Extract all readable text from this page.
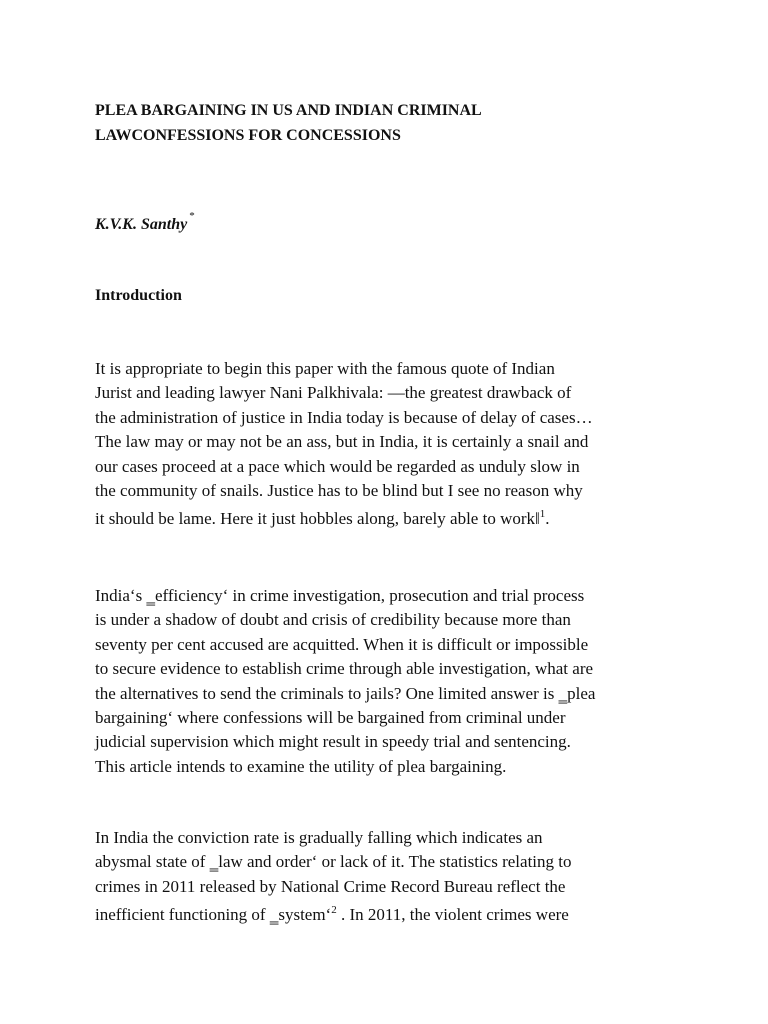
PLEA BARGAINING IN US AND INDIAN CRIMINAL
LAWCONFESSIONS FOR CONCESSIONS

K.V.K. Santhy *

Introduction
It is appropriate to begin this paper with the famous quote of Indian
Jurist and leading lawyer Nani Palkhivala: —the greatest drawback of
the administration of justice in India today is because of delay of cases…
The law may or may not be an ass, but in India, it is certainly a snail and
our cases proceed at a pace which would be regarded as unduly slow in
the community of snails. Justice has to be blind but I see no reason why
it should be lame. Here it just hobbles along, barely able to work‖$^1$.
India‘s ‗efficiency‘ in crime investigation, prosecution and trial process
is under a shadow of doubt and crisis of credibility because more than
seventy per cent accused are acquitted. When it is difficult or impossible
to secure evidence to establish crime through able investigation, what are
the alternatives to send the criminals to jails? One limited answer is ‗plea
bargaining‘ where confessions will be bargained from criminal under
judicial supervision which might result in speedy trial and sentencing.
This article intends to examine the utility of plea bargaining.
In India the conviction rate is gradually falling which indicates an
abysmal state of ‗law and order‘ or lack of it. The statistics relating to
crimes in 2011 released by National Crime Record Bureau reflect the
inefficient functioning of ‗system‘$^2$ . In 2011, the violent crimes were
